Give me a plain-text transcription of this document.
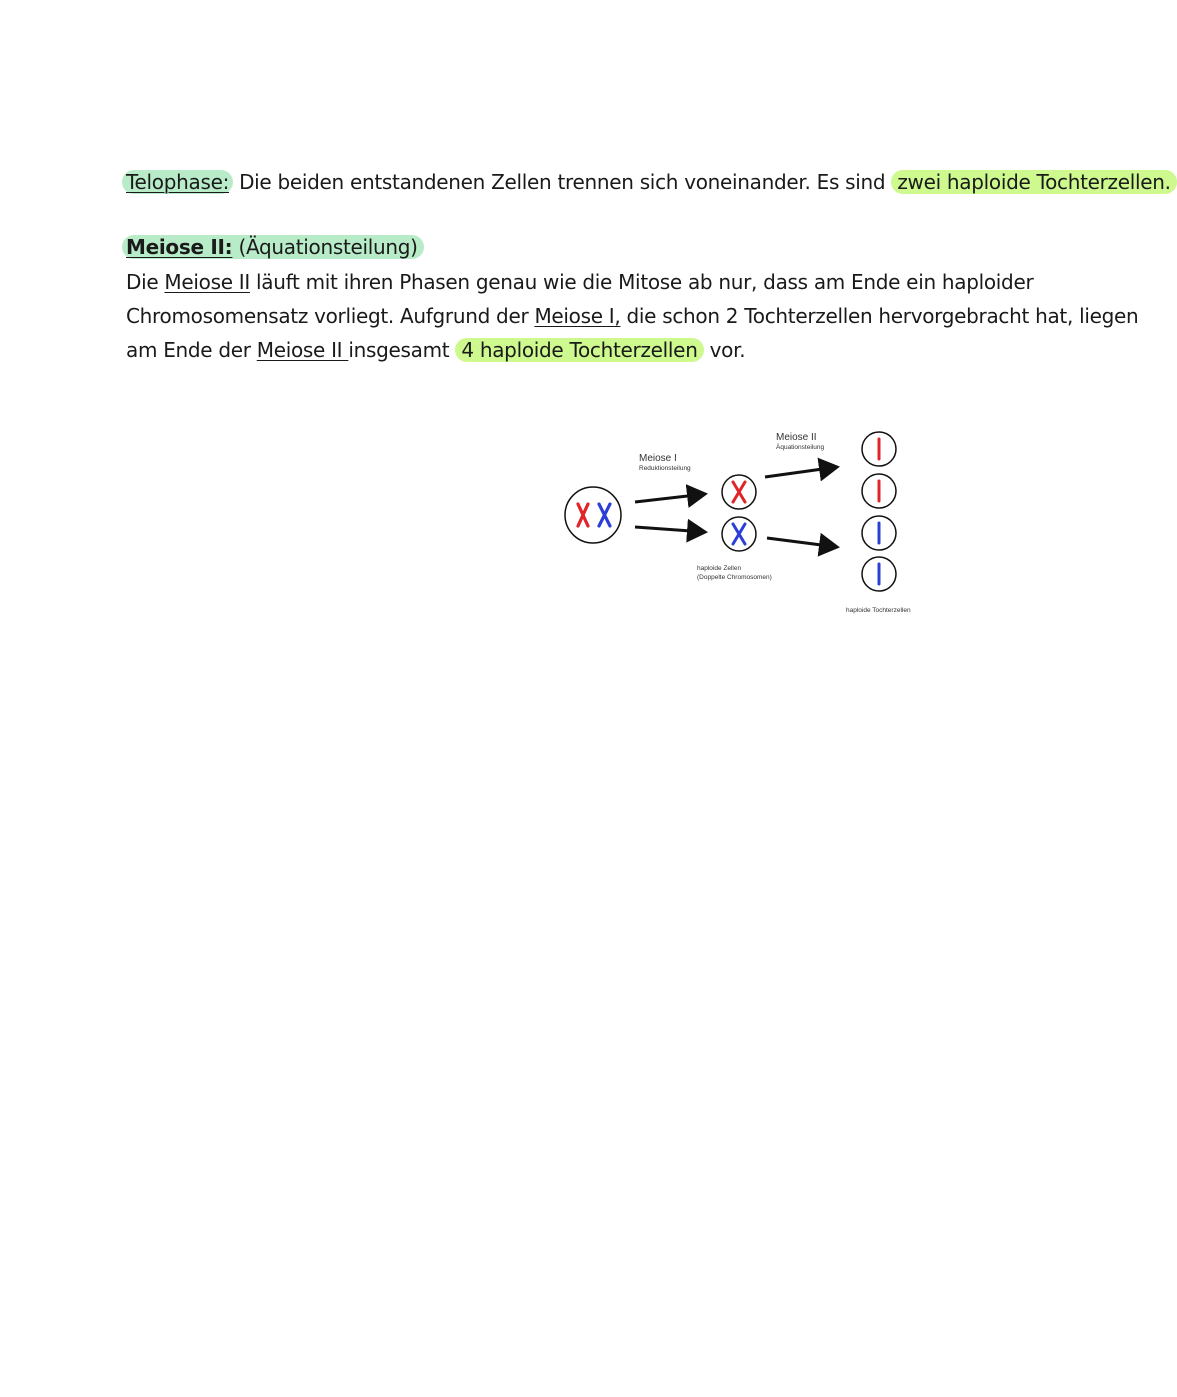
Telophase: Die beiden entstandenen Zellen trennen sich voneinander. Es sind zwei haploide Tochterzellen.
Meiose II: (Äquationsteilung)
Die Meiose II läuft mit ihren Phasen genau wie die Mitose ab nur, dass am Ende ein haploider
Chromosomensatz vorliegt. Aufgrund der Meiose I, die schon 2 Tochterzellen hervorgebracht hat, liegen
am Ende der Meiose II insgesamt 4 haploide Tochterzellen vor.
Meiose I
Reduktionsteilung
Meiose II
Äquationsteilung
haploide Zellen
(Doppelte Chromosomen)
haploide Tochterzellen
